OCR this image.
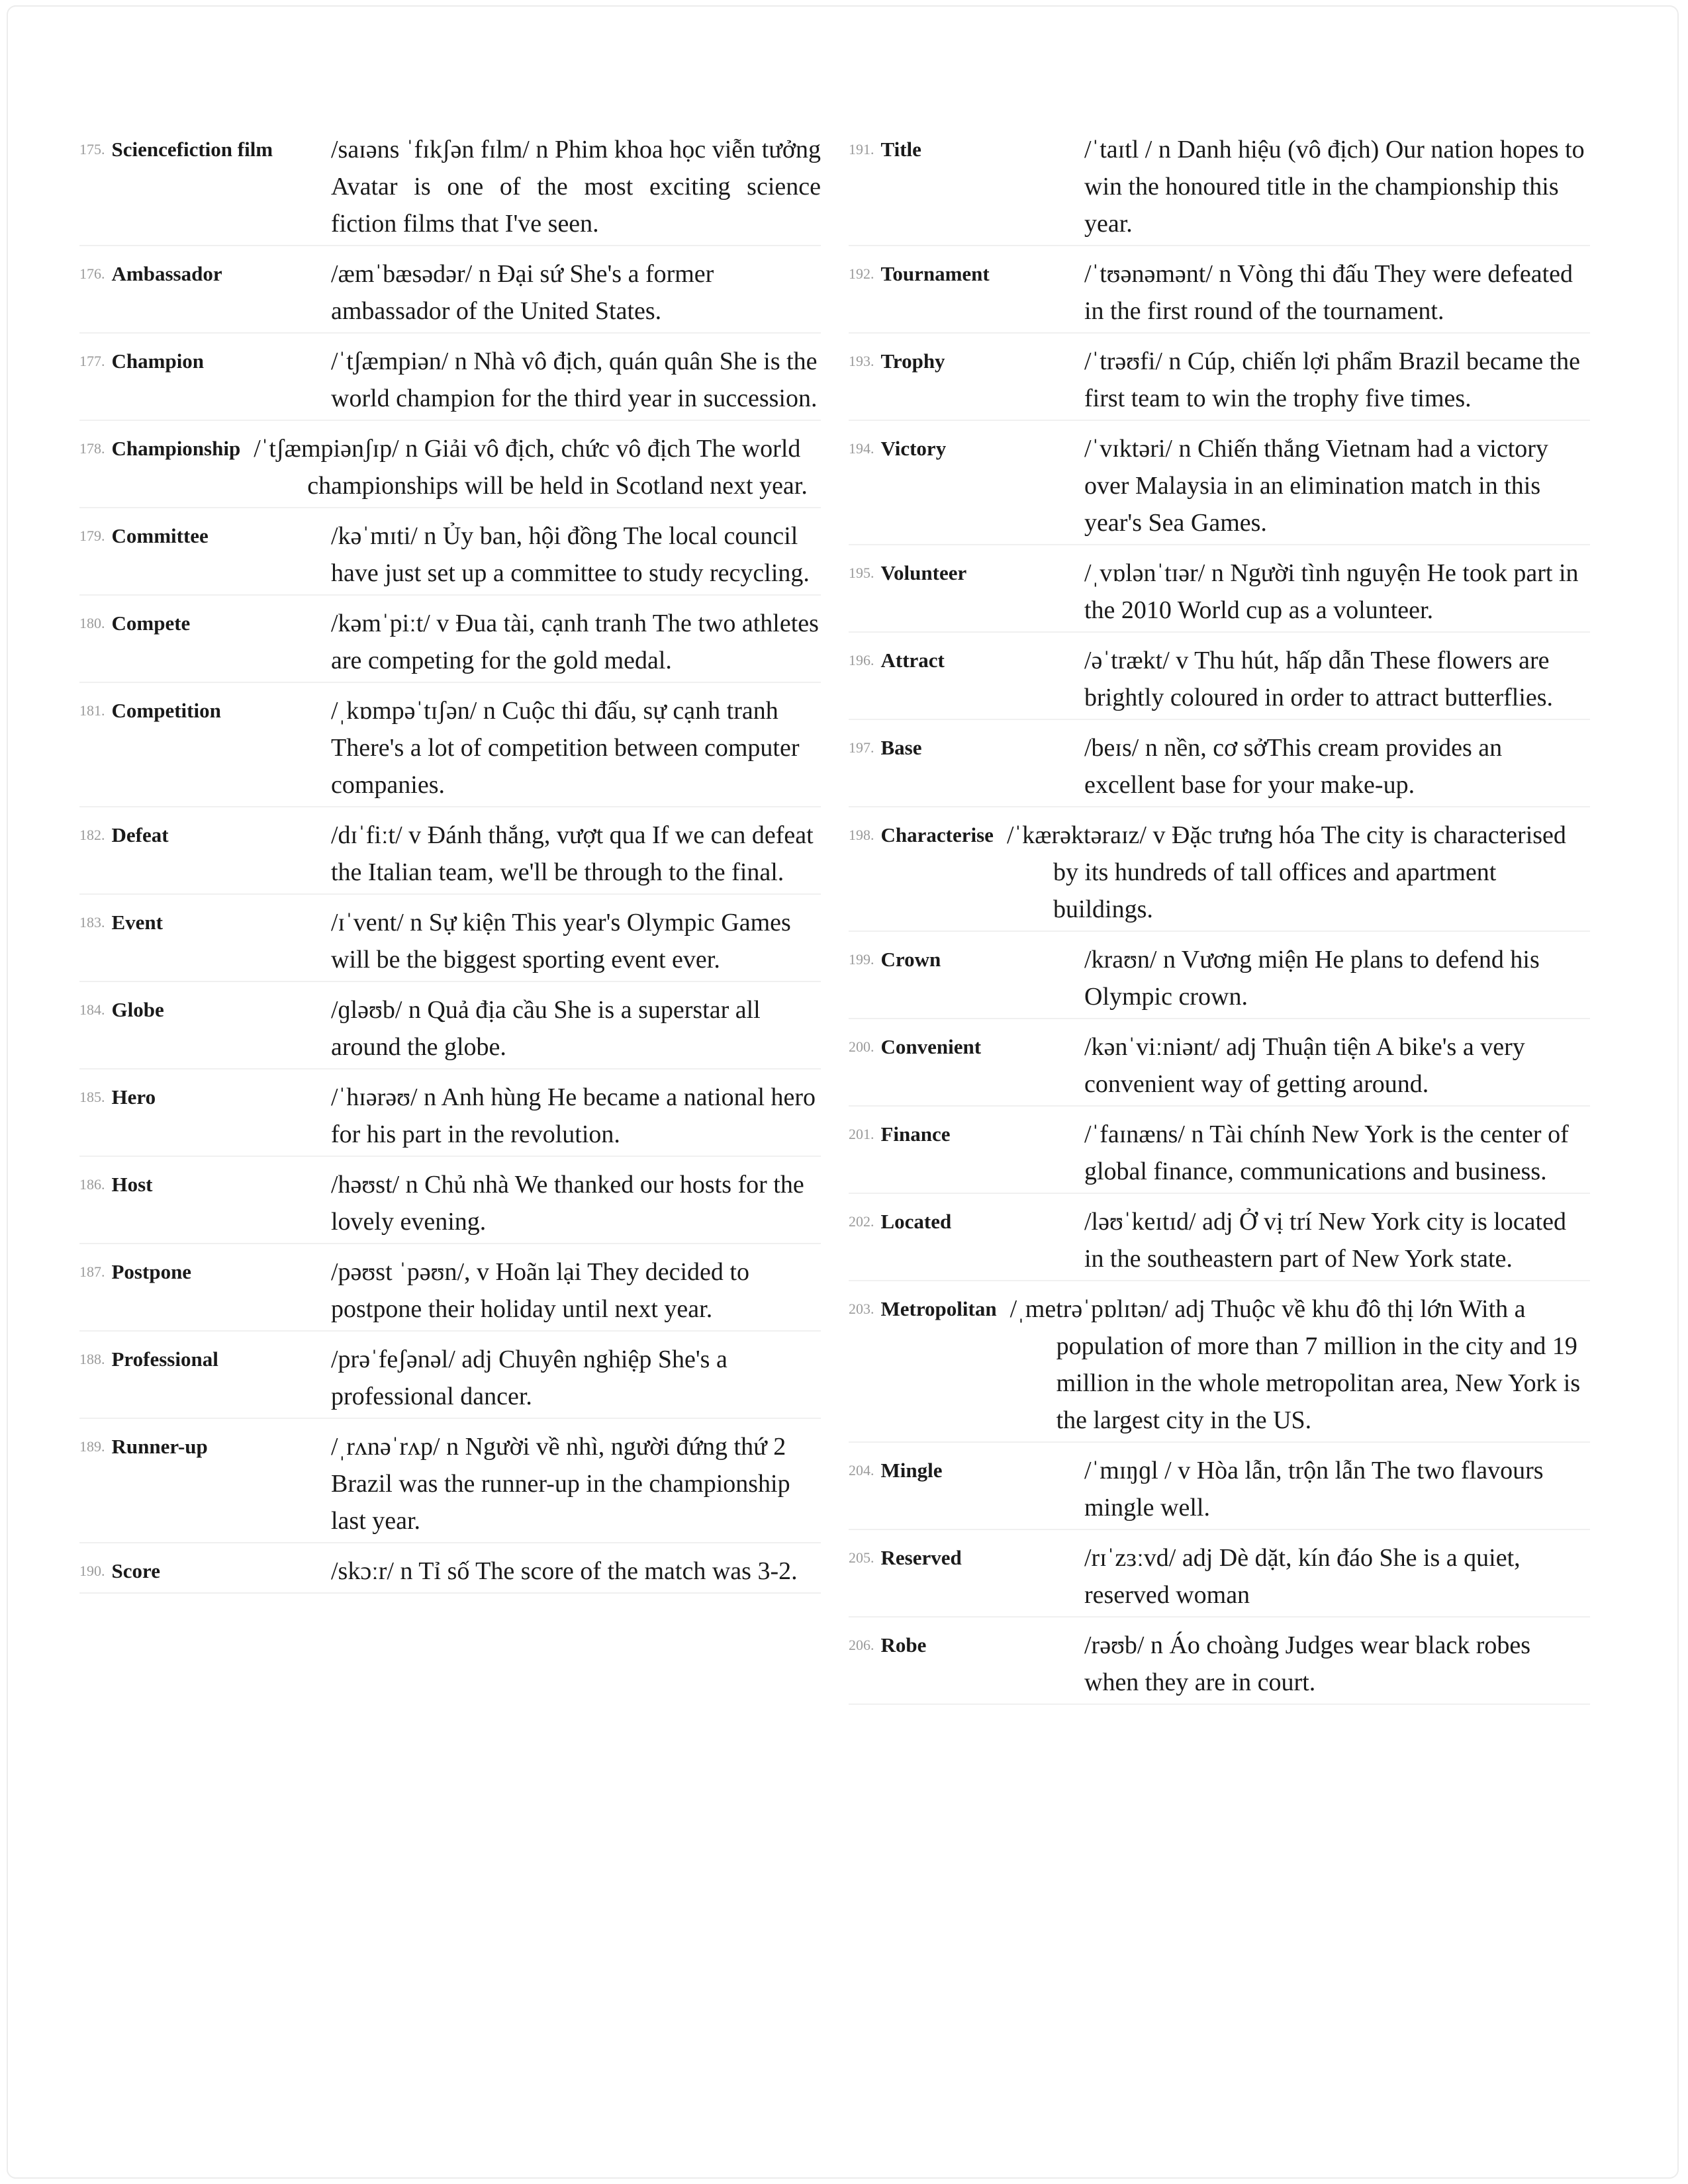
$^{175.}$ Sciencefiction film	/saɪəns ˈfɪkʃən fɪlm/ n Phim khoa học viễn tưởng Avatar is one of the most exciting science fiction films that I've seen.
$^{176.}$ Ambassador	/æmˈbæsədər/ n Đại sứ She's a former ambassador of the United States.
$^{177.}$ Champion	/ˈtʃæmpiən/ n Nhà vô địch, quán quân She is the world champion for the third year in succession.
$^{178.}$ Championship /ˈtʃæmpiənʃɪp/ n Giải vô địch, chức vô địch The world championships will be held in Scotland next year.
$^{179.}$ Committee	/kəˈmɪti/ n Ủy ban, hội đồng The local council have just set up a committee to study recycling.
$^{180.}$ Compete	/kəmˈpiːt/ v Đua tài, cạnh tranh The two athletes are competing for the gold medal.
$^{181.}$ Competition	/ˌkɒmpəˈtɪʃən/ n Cuộc thi đấu, sự cạnh tranh There's a lot of competition between computer companies.
$^{182.}$ Defeat	/dɪˈfiːt/ v Đánh thắng, vượt qua If we can defeat the Italian team, we'll be through to the final.
$^{183.}$ Event	/ɪˈvent/ n Sự kiện This year's Olympic Games will be the biggest sporting event ever.
$^{184.}$ Globe	/ɡləʊb/ n Quả địa cầu She is a superstar all around the globe.
$^{185.}$ Hero	/ˈhɪərəʊ/ n Anh hùng He became a national hero for his part in the revolution.
$^{186.}$ Host	/həʊst/ n Chủ nhà We thanked our hosts for the lovely evening.
$^{187.}$ Postpone	/pəʊst ˈpəʊn/, v Hoãn lại They decided to postpone their holiday until next year.
$^{188.}$ Professional	/prəˈfeʃənəl/ adj Chuyên nghiệp She's a professional dancer.
$^{189.}$ Runner-up	/ˌrʌnəˈrʌp/ n Người về nhì, người đứng thứ 2 Brazil was the runner-up in the championship last year.
$^{190.}$ Score	/skɔːr/ n Tỉ số The score of the match was 3-2.
$^{191.}$ Title	/ˈtaɪtl / n Danh hiệu (vô địch) Our nation hopes to win the honoured title in the championship this year.
$^{192.}$ Tournament	/ˈtʊənəmənt/ n Vòng thi đấu They were defeated in the first round of the tournament.
$^{193.}$ Trophy	/ˈtrəʊfi/ n Cúp, chiến lợi phẩm Brazil became the first team to win the trophy five times.
$^{194.}$ Victory	/ˈvɪktəri/ n Chiến thắng Vietnam had a victory over Malaysia in an elimination match in this year's Sea Games.
$^{195.}$ Volunteer	/ˌvɒlənˈtɪər/ n Người tình nguyện He took part in the 2010 World cup as a volunteer.
$^{196.}$ Attract	/əˈtrækt/ v Thu hút, hấp dẫn These flowers are brightly coloured in order to attract butterflies.
$^{197.}$ Base	/beɪs/ n nền, cơ sởThis cream provides an excellent base for your make-up.
$^{198.}$ Characterise /ˈkærəktəraɪz/ v Đặc trưng hóa The city is characterised by its hundreds of tall offices and apartment buildings.
$^{199.}$ Crown	/kraʊn/ n Vương miện He plans to defend his Olympic crown.
$^{200.}$ Convenient	/kənˈviːniənt/ adj Thuận tiện A bike's a very convenient way of getting around.
$^{201.}$ Finance	/ˈfaɪnæns/ n Tài chính New York is the center of global finance, communications and business.
$^{202.}$ Located	/ləʊˈkeɪtɪd/ adj Ở vị trí New York city is located in the southeastern part of New York state.
$^{203.}$ Metropolitan /ˌmetrəˈpɒlɪtən/ adj Thuộc về khu đô thị lớn With a population of more than 7 million in the city and 19 million in the whole metropolitan area, New York is the largest city in the US.
$^{204.}$ Mingle	/ˈmɪŋɡl / v Hòa lẫn, trộn lẫn The two flavours mingle well.
$^{205.}$ Reserved	/rɪˈzɜːvd/ adj Dè dặt, kín đáo She is a quiet, reserved woman
$^{206.}$ Robe	/rəʊb/ n Áo choàng Judges wear black robes when they are in court.
